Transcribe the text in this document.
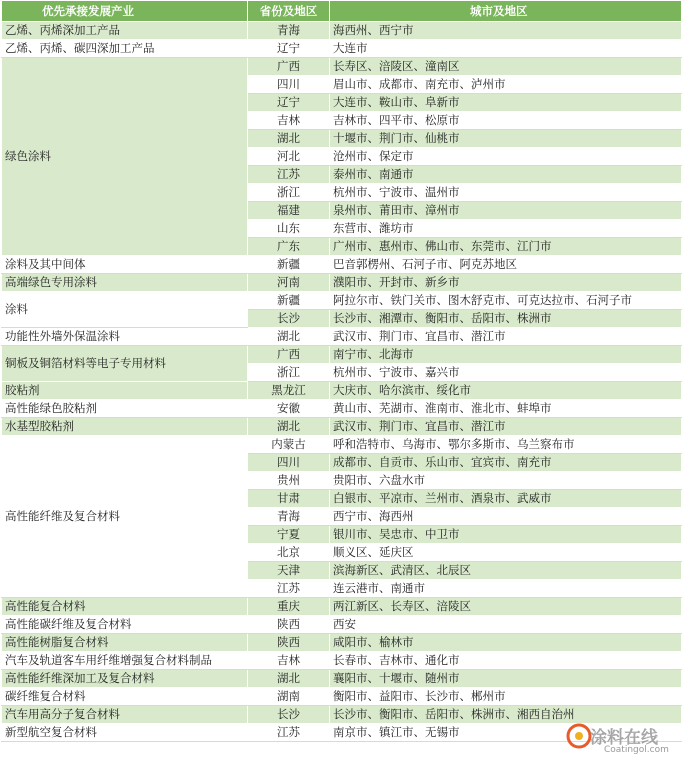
优先承接发展产业	省份及地区	城市及地区
乙烯、丙烯深加工产品	青海	海西州、西宁市
乙烯、丙烯、碳四深加工产品	辽宁	大连市
绿色涂料	广西	长寿区、涪陵区、潼南区
	四川	眉山市、成都市、南充市、泸州市
	辽宁	大连市、鞍山市、阜新市
	吉林	吉林市、四平市、松原市
	湖北	十堰市、荆门市、仙桃市
	河北	沧州市、保定市
	江苏	泰州市、南通市
	浙江	杭州市、宁波市、温州市
	福建	泉州市、莆田市、漳州市
	山东	东营市、潍坊市
	广东	广州市、惠州市、佛山市、东莞市、江门市
涂料及其中间体	新疆	巴音郭楞州、石河子市、阿克苏地区
高端绿色专用涂料	河南	濮阳市、开封市、新乡市
涂料	新疆	阿拉尔市、铁门关市、图木舒克市、可克达拉市、石河子市
	长沙	长沙市、湘潭市、衡阳市、岳阳市、株洲市
功能性外墙外保温涂料	湖北	武汉市、荆门市、宜昌市、潜江市
铜板及铜箔材料等电子专用材料	广西	南宁市、北海市
	浙江	杭州市、宁波市、嘉兴市
胶粘剂	黑龙江	大庆市、哈尔滨市、绥化市
高性能绿色胶粘剂	安徽	黄山市、芜湖市、淮南市、淮北市、蚌埠市
水基型胶粘剂	湖北	武汉市、荆门市、宜昌市、潜江市
高性能纤维及复合材料	内蒙古	呼和浩特市、乌海市、鄂尔多斯市、乌兰察布市
	四川	成都市、自贡市、乐山市、宜宾市、南充市
	贵州	贵阳市、六盘水市
	甘肃	白银市、平凉市、兰州市、酒泉市、武威市
	青海	西宁市、海西州
	宁夏	银川市、吴忠市、中卫市
	北京	顺义区、延庆区
	天津	滨海新区、武清区、北辰区
	江苏	连云港市、南通市
高性能复合材料	重庆	两江新区、长寿区、涪陵区
高性能碳纤维及复合材料	陕西	西安
高性能树脂复合材料	陕西	咸阳市、榆林市
汽车及轨道客车用纤维增强复合材料制品	吉林	长春市、吉林市、通化市
高性能纤维深加工及复合材料	湖北	襄阳市、十堰市、随州市
碳纤维复合材料	湖南	衡阳市、益阳市、长沙市、郴州市
汽车用高分子复合材料	长沙	长沙市、衡阳市、岳阳市、株洲市、湘西自治州
新型航空复合材料	江苏	南京市、镇江市、无锡市	涂料在线
Coatingol.com
